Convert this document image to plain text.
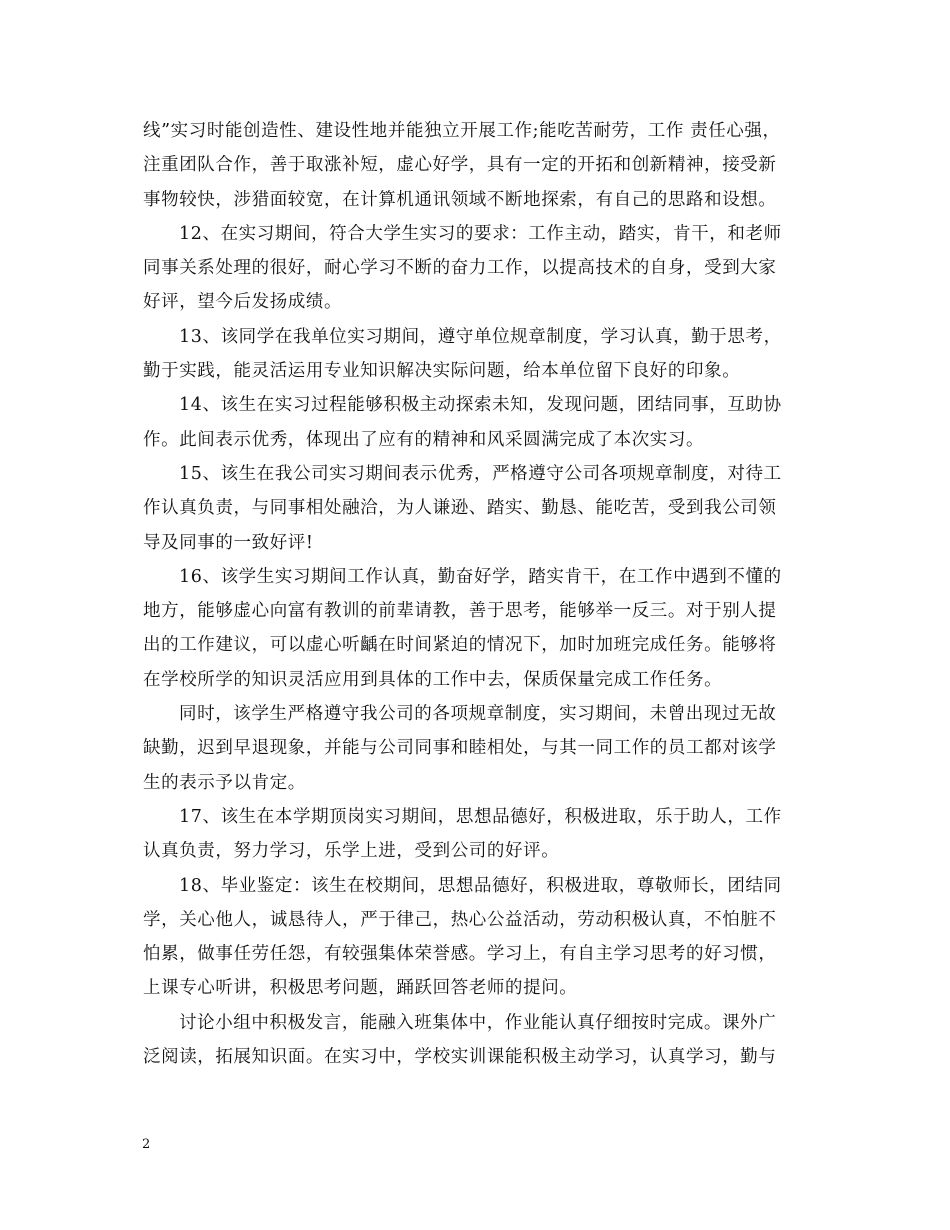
线”实习时能创造性、建设性地并能独立开展工作;能吃苦耐劳，工作 责任心强，
注重团队合作，善于取涨补短，虚心好学，具有一定的开拓和创新精神，接受新
事物较快，涉猎面较宽，在计算机通讯领域不断地探索，有自己的思路和设想。
12、在实习期间，符合大学生实习的要求：工作主动，踏实，肯干，和老师
同事关系处理的很好，耐心学习不断的奋力工作，以提高技术的自身，受到大家
好评，望今后发扬成绩。
13、该同学在我单位实习期间，遵守单位规章制度，学习认真，勤于思考，
勤于实践，能灵活运用专业知识解决实际问题，给本单位留下良好的印象。
14、该生在实习过程能够积极主动探索未知，发现问题，团结同事，互助协
作。此间表示优秀，体现出了应有的精神和风采圆满完成了本次实习。
15、该生在我公司实习期间表示优秀，严格遵守公司各项规章制度，对待工
作认真负责，与同事相处融洽，为人谦逊、踏实、勤恳、能吃苦，受到我公司领
导及同事的一致好评!
16、该学生实习期间工作认真，勤奋好学，踏实肯干，在工作中遇到不懂的
地方，能够虚心向富有教训的前辈请教，善于思考，能够举一反三。对于别人提
出的工作建议，可以虚心听齲在时间紧迫的情况下，加时加班完成任务。能够将
在学校所学的知识灵活应用到具体的工作中去，保质保量完成工作任务。
同时，该学生严格遵守我公司的各项规章制度，实习期间，未曾出现过无故
缺勤，迟到早退现象，并能与公司同事和睦相处，与其一同工作的员工都对该学
生的表示予以肯定。
17、该生在本学期顶岗实习期间，思想品德好，积极进取，乐于助人，工作
认真负责，努力学习，乐学上进，受到公司的好评。
18、毕业鉴定：该生在校期间，思想品德好，积极进取，尊敬师长，团结同
学，关心他人，诚恳待人，严于律己，热心公益活动，劳动积极认真，不怕脏不
怕累，做事任劳任怨，有较强集体荣誉感。学习上，有自主学习思考的好习惯，
上课专心听讲，积极思考问题，踊跃回答老师的提问。
讨论小组中积极发言，能融入班集体中，作业能认真仔细按时完成。课外广
泛阅读，拓展知识面。在实习中，学校实训课能积极主动学习，认真学习，勤与
2
